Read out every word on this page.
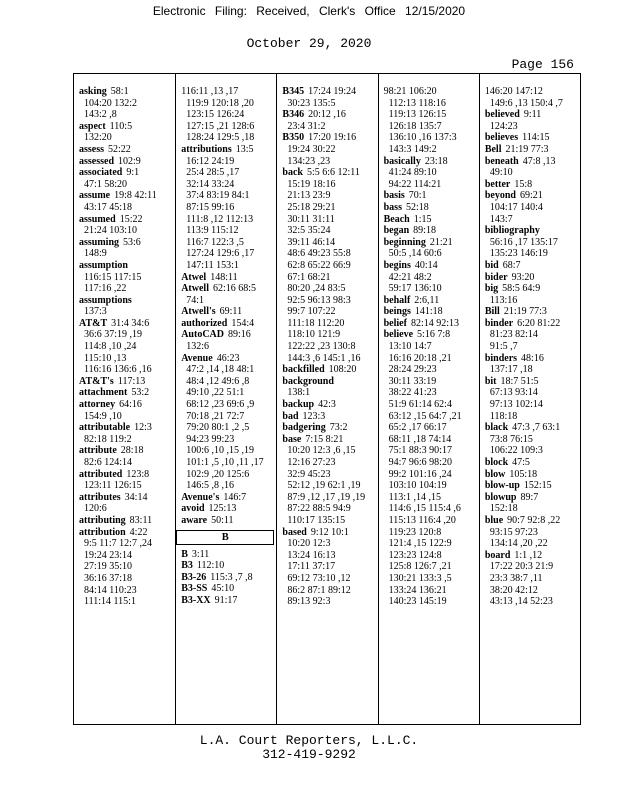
Electronic Filing: Received, Clerk's Office 12/15/2020
October 29, 2020
Page 156
asking 58:1
104:20 132:2
143:2 ,8
aspect 110:5
132:20
assess 52:22
assessed 102:9
associated 9:1
47:1 58:20
assume 19:8 42:11
43:17 45:18
assumed 15:22
21:24 103:10
assuming 53:6
148:9
assumption
116:15 117:15
117:16 ,22
assumptions
137:3
AT&T 31:4 34:6
36:6 37:19 ,19
114:8 ,10 ,24
115:10 ,13
116:16 136:6 ,16
AT&T's 117:13
attachment 53:2
attorney 64:16
154:9 ,10
attributable 12:3
82:18 119:2
attribute 28:18
82:6 124:14
attributed 123:8
123:11 126:15
attributes 34:14
120:6
attributing 83:11
attribution 4:22
9:5 11:7 12:7 ,24
19:24 23:14
27:19 35:10
36:16 37:18
84:14 110:23
111:14 115:1
116:11 ,13 ,17
119:9 120:18 ,20
123:15 126:24
127:15 ,21 128:6
128:24 129:5 ,18
attributions 13:5
16:12 24:19
25:4 28:5 ,17
32:14 33:24
37:4 83:19 84:1
87:15 99:16
111:8 ,12 112:13
113:9 115:12
116:7 122:3 ,5
127:24 129:6 ,17
147:11 153:1
Atwel 148:11
Atwell 62:16 68:5
74:1
Atwell's 69:11
authorized 154:4
AutoCAD 89:16
132:6
Avenue 46:23
47:2 ,14 ,18 48:1
48:4 ,12 49:6 ,8
49:10 ,22 51:1
68:12 ,23 69:6 ,9
70:18 ,21 72:7
79:20 80:1 ,2 ,5
94:23 99:23
100:6 ,10 ,15 ,19
101:1 ,5 ,10 ,11 ,17
102:9 ,20 125:6
146:5 ,8 ,16
Avenue's 146:7
avoid 125:13
aware 50:11
B
B 3:11
B3 112:10
B3-26 115:3 ,7 ,8
B3-SS 45:10
B3-XX 91:17
B345 17:24 19:24
30:23 135:5
B346 20:12 ,16
23:4 31:2
B350 17:20 19:16
19:24 30:22
134:23 ,23
back 5:5 6:6 12:11
15:19 18:16
21:13 23:9
25:18 29:21
30:11 31:11
32:5 35:24
39:11 46:14
48:6 49:23 55:8
62:8 65:22 66:9
67:1 68:21
80:20 ,24 83:5
92:5 96:13 98:3
99:7 107:22
111:18 112:20
118:10 121:9
122:22 ,23 130:8
144:3 ,6 145:1 ,16
backfilled 108:20
background
138:1
backup 42:3
bad 123:3
badgering 73:2
base 7:15 8:21
10:20 12:3 ,6 ,15
12:16 27:23
32:9 45:23
52:12 ,19 62:1 ,19
87:9 ,12 ,17 ,19 ,19
87:22 88:5 94:9
110:17 135:15
based 9:12 10:1
10:20 12:3
13:24 16:13
17:11 37:17
69:12 73:10 ,12
86:2 87:1 89:12
89:13 92:3
98:21 106:20
112:13 118:16
119:13 126:15
126:18 135:7
136:10 ,16 137:3
143:3 149:2
basically 23:18
41:24 89:10
94:22 114:21
basis 70:1
bass 52:18
Beach 1:15
began 89:18
beginning 21:21
50:5 ,14 60:6
begins 40:14
42:21 48:2
59:17 136:10
behalf 2:6,11
beings 141:18
belief 82:14 92:13
believe 5:16 7:8
13:10 14:7
16:16 20:18 ,21
28:24 29:23
30:11 33:19
38:22 41:23
51:9 61:14 62:4
63:12 ,15 64:7 ,21
65:2 ,17 66:17
68:11 ,18 74:14
75:1 88:3 90:17
94:7 96:6 98:20
99:2 101:16 ,24
103:10 104:19
113:1 ,14 ,15
114:6 ,15 115:4 ,6
115:13 116:4 ,20
119:23 120:8
121:4 ,15 122:9
123:23 124:8
125:8 126:7 ,21
130:21 133:3 ,5
133:24 136:21
140:23 145:19
146:20 147:12
149:6 ,13 150:4 ,7
believed 9:11
124:23
believes 114:15
Bell 21:19 77:3
beneath 47:8 ,13
49:10
better 15:8
beyond 69:21
104:17 140:4
143:7
bibliography
56:16 ,17 135:17
135:23 146:19
bid 68:7
bider 93:20
big 58:5 64:9
113:16
Bill 21:19 77:3
binder 6:20 81:22
81:23 82:14
91:5 ,7
binders 48:16
137:17 ,18
bit 18:7 51:5
67:13 93:14
97:13 102:14
118:18
black 47:3 ,7 63:1
73:8 76:15
106:22 109:3
block 47:5
blow 105:18
blow-up 152:15
blowup 89:7
152:18
blue 90:7 92:8 ,22
93:15 97:23
134:14 ,20 ,22
board 1:1 ,12
17:22 20:3 21:9
23:3 38:7 ,11
38:20 42:12
43:13 ,14 52:23
L.A. Court Reporters, L.L.C.
312-419-9292
